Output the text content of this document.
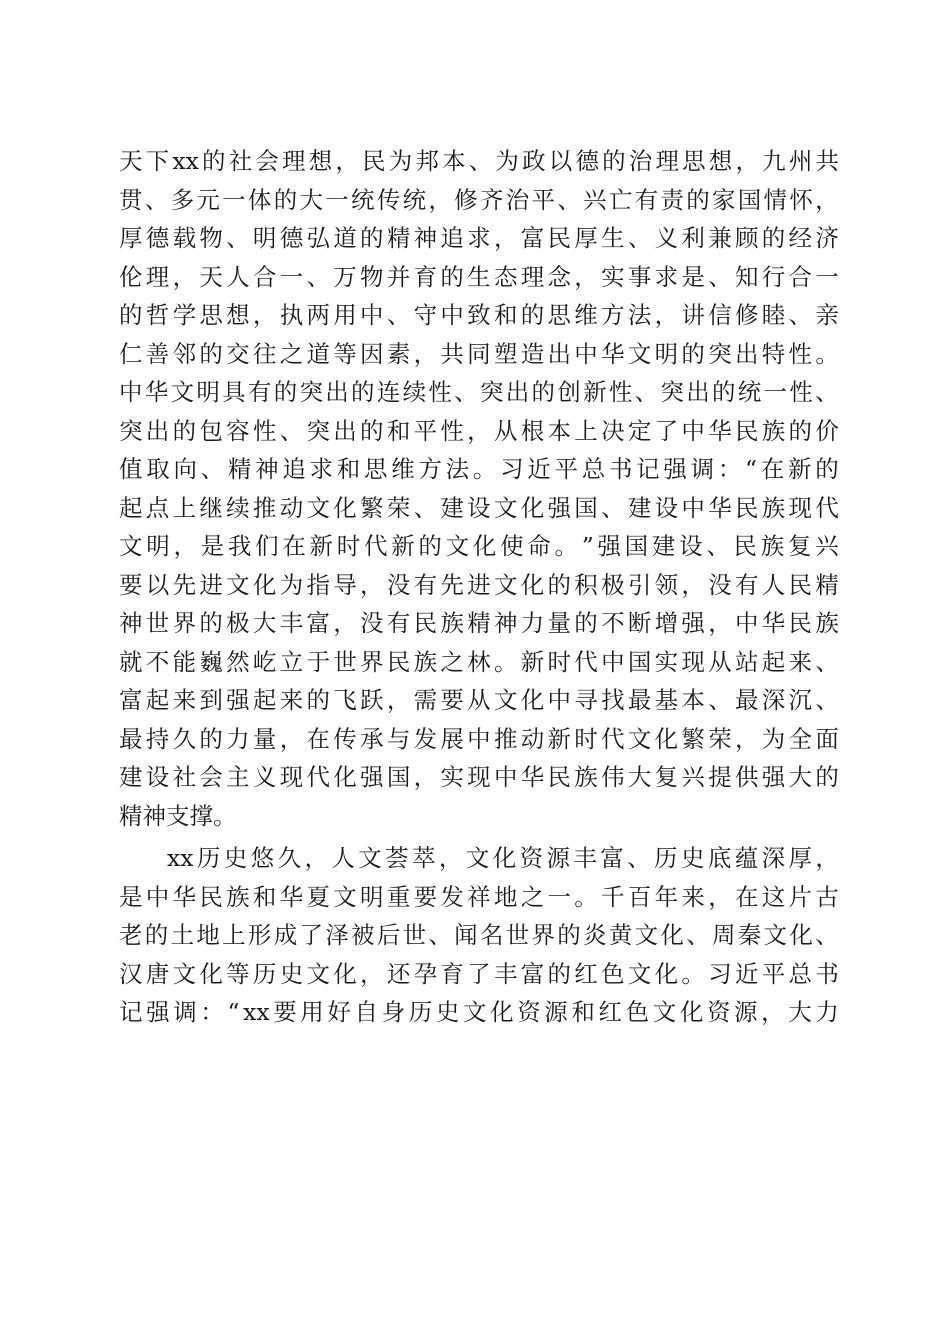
天 下 xx 的 社 会 理 想 ， 民 为 邦 本 、 为 政 以 德 的 治 理 思 想 ， 九 州 共
贯 、 多 元 一 体 的 大 一 统 传 统 ， 修 齐 治 平 、 兴 亡 有 责 的 家 国 情 怀 ，
厚 德 载 物 、 明 德 弘 道 的 精 神 追 求 ， 富 民 厚 生 、 义 利 兼 顾 的 经 济
伦 理 ， 天 人 合 一 、 万 物 并 育 的 生 态 理 念 ， 实 事 求 是 、 知 行 合 一
的 哲 学 思 想 ， 执 两 用 中 、 守 中 致 和 的 思 维 方 法 ， 讲 信 修 睦 、 亲
仁 善 邻 的 交 往 之 道 等 因 素 ， 共 同 塑 造 出 中 华 文 明 的 突 出 特 性 。
中 华 文 明 具 有 的 突 出 的 连 续 性 、 突 出 的 创 新 性 、 突 出 的 统 一 性 、
突 出 的 包 容 性 、 突 出 的 和 平 性 ， 从 根 本 上 决 定 了 中 华 民 族 的 价
值 取 向 、 精 神 追 求 和 思 维 方 法 。 习 近 平 总 书 记 强 调 ： “ 在 新 的
起 点 上 继 续 推 动 文 化 繁 荣 、 建 设 文 化 强 国 、 建 设 中 华 民 族 现 代
文 明 ， 是 我 们 在 新 时 代 新 的 文 化 使 命 。 ” 强 国 建 设 、 民 族 复 兴
要 以 先 进 文 化 为 指 导 ， 没 有 先 进 文 化 的 积 极 引 领 ， 没 有 人 民 精
神 世 界 的 极 大 丰 富 ， 没 有 民 族 精 神 力 量 的 不 断 增 强 ， 中 华 民 族
就 不 能 巍 然 屹 立 于 世 界 民 族 之 林 。 新 时 代 中 国 实 现 从 站 起 来 、
富 起 来 到 强 起 来 的 飞 跃 ， 需 要 从 文 化 中 寻 找 最 基 本 、 最 深 沉 、
最 持 久 的 力 量 ， 在 传 承 与 发 展 中 推 动 新 时 代 文 化 繁 荣 ， 为 全 面
建 设 社 会 主 义 现 代 化 强 国 ， 实 现 中 华 民 族 伟 大 复 兴 提 供 强 大 的
精神支撑。
xx 历 史 悠 久 ， 人 文 荟 萃 ， 文 化 资 源 丰 富 、 历 史 底 蕴 深 厚 ，
是 中 华 民 族 和 华 夏 文 明 重 要 发 祥 地 之 一 。 千 百 年 来 ， 在 这 片 古
老 的 土 地 上 形 成 了 泽 被 后 世 、 闻 名 世 界 的 炎 黄 文 化 、 周 秦 文 化 、
汉 唐 文 化 等 历 史 文 化 ， 还 孕 育 了 丰 富 的 红 色 文 化 。 习 近 平 总 书
记 强 调 ： “ xx 要 用 好 自 身 历 史 文 化 资 源 和 红 色 文 化 资 源 ， 大 力
